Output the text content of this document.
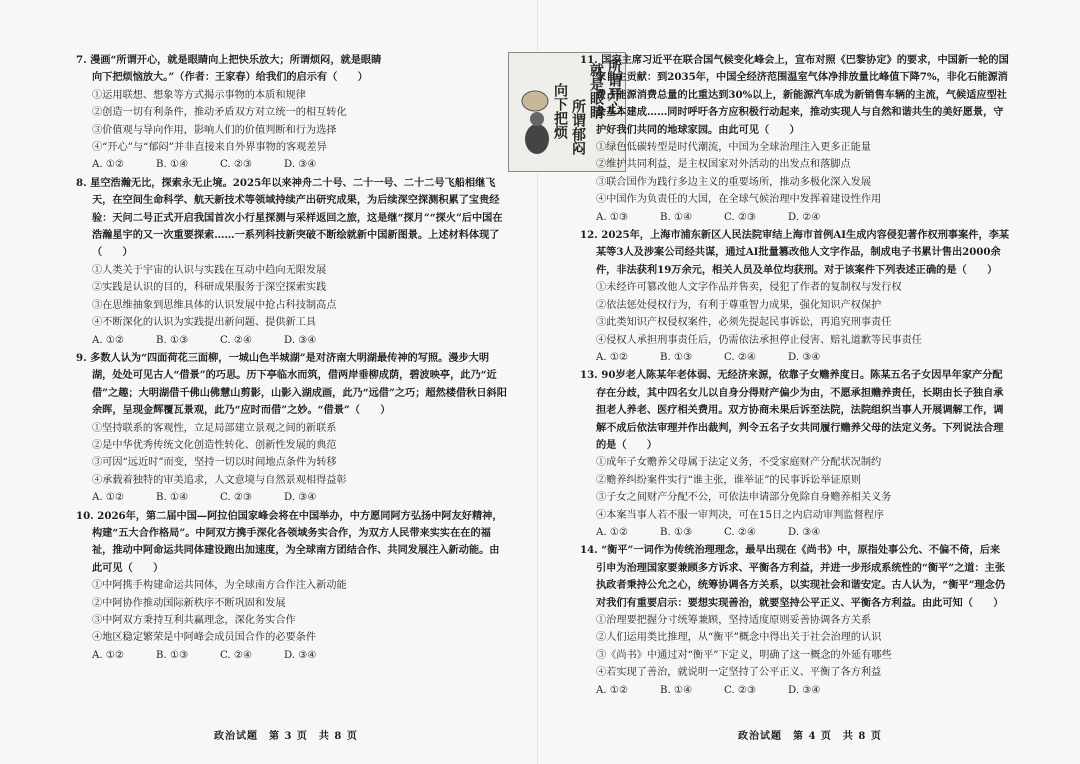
所谓开心
就是眼睛
所谓郁闷
向下把烦
7. 漫画“所谓开心，就是眼睛向上把快乐放大；所谓烦闷，就是眼睛向下把烦恼放大。”（作者：王家春）给我们的启示有（　　）
①运用联想、想象等方式揭示事物的本质和规律
②创造一切有利条件，推动矛盾双方对立统一的相互转化
③价值观与导向作用，影响人们的价值判断和行为选择
④“开心”与“郁闷”并非直接来自外界事物的客观差异
A. ①②	B. ①④	C. ②③	D. ③④
8. 星空浩瀚无比，探索永无止境。2025年以来神舟二十号、二十一号、二十二号飞船相继飞天，在空间生命科学、航天新技术等领域持续产出研究成果，为后续深空探测积累了宝贵经验：天问二号正式开启我国首次小行星探测与采样返回之旅，这是继“探月”“探火”后中国在浩瀚星宇的又一次重要探索……一系列科技新突破不断绘就新中国新图景。上述材料体现了（　　）
①人类关于宇宙的认识与实践在互动中趋向无限发展
②实践是认识的目的，科研成果服务于深空探索实践
③在思维抽象到思维具体的认识发展中抢占科技制高点
④不断深化的认识为实践提出新问题、提供新工具
A. ①②	B. ①③	C. ②④	D. ③④
9. 多数人认为“四面荷花三面柳，一城山色半城湖”是对济南大明湖最传神的写照。漫步大明湖，处处可见古人“借景”的巧思。历下亭临水而筑，借两岸垂柳成荫，碧波映亭，此乃“近借”之趣；大明湖借千佛山佛慧山剪影，山影入湖成画，此乃“远借”之巧；超然楼借秋日斜阳余晖，呈现金辉覆瓦景观，此乃“应时而借”之妙。“借景”（　　）
①坚持联系的客观性，立足局部建立景观之间的新联系
②是中华优秀传统文化创造性转化、创新性发展的典范
③可因“远近时”而变，坚持一切以时间地点条件为转移
④承载着独特的审美追求，人文意境与自然景观相得益彰
A. ①②	B. ①④	C. ②③	D. ③④
10. 2026年，第二届中国—阿拉伯国家峰会将在中国举办，中方愿同阿方弘扬中阿友好精神，构建“五大合作格局”。中阿双方携手深化各领域务实合作，为双方人民带来实实在在的福祉，推动中阿命运共同体建设跑出加速度，为全球南方团结合作、共同发展注入新动能。由此可见（　　）
①中阿携手构建命运共同体，为全球南方合作注入新动能
②中阿协作推动国际新秩序不断巩固和发展
③中阿双方秉持互利共赢理念，深化务实合作
④地区稳定繁荣是中阿峰会成员国合作的必要条件
A. ①②	B. ①③	C. ②④	D. ③④
政治试题　第 3 页　共 8 页
11. 国家主席习近平在联合国气候变化峰会上，宣布对照《巴黎协定》的要求，中国新一轮的国家自主贡献：到2035年，中国全经济范围温室气体净排放量比峰值下降7%，非化石能源消费占能源消费总量的比重达到30%以上，新能源汽车成为新销售车辆的主流，气候适应型社会基本建成……同时呼吁各方应积极行动起来，推动实现人与自然和谐共生的美好愿景，守护好我们共同的地球家园。由此可见（　　）
①绿色低碳转型是时代潮流，中国为全球治理注入更多正能量
②维护共同利益，是主权国家对外活动的出发点和落脚点
③联合国作为践行多边主义的重要场所，推动多极化深入发展
④中国作为负责任的大国，在全球气候治理中发挥着建设性作用
A. ①③	B. ①④	C. ②③	D. ②④
12. 2025年，上海市浦东新区人民法院审结上海市首例AI生成内容侵犯著作权刑事案件，李某某等3人及涉案公司经共谋，通过AI批量篡改他人文字作品，制成电子书累计售出2000余件，非法获利19万余元，相关人员及单位均获刑。对于该案件下列表述正确的是（　　）
①未经许可篡改他人文字作品并售卖，侵犯了作者的复制权与发行权
②依法惩处侵权行为，有利于尊重智力成果，强化知识产权保护
③此类知识产权侵权案件，必须先提起民事诉讼，再追究刑事责任
④侵权人承担刑事责任后，仍需依法承担停止侵害、赔礼道歉等民事责任
A. ①②	B. ①③	C. ②④	D. ③④
13. 90岁老人陈某年老体弱、无经济来源，依靠子女赡养度日。陈某五名子女因早年家产分配存在分歧，其中四名女儿以自身分得财产偏少为由，不愿承担赡养责任，长期由长子独自承担老人养老、医疗相关费用。双方协商未果后诉至法院，法院组织当事人开展调解工作，调解不成后依法审理并作出裁判，判令五名子女共同履行赡养父母的法定义务。下列说法合理的是（　　）
①成年子女赡养父母属于法定义务，不受家庭财产分配状况制约
②赡养纠纷案件实行“谁主张，谁举证”的民事诉讼举证原则
③子女之间财产分配不公，可依法申请部分免除自身赡养相关义务
④本案当事人若不服一审判决，可在15日之内启动审判监督程序
A. ①②	B. ①③	C. ②④	D. ③④
14. “衡平”一词作为传统治理理念，最早出现在《尚书》中，原指处事公允、不偏不倚，后来引申为治理国家要兼顾多方诉求、平衡各方利益，并进一步形成系统性的“衡平”之道：主张执政者秉持公允之心，统筹协调各方关系，以实现社会和谐安定。古人认为，“衡平”理念仍对我们有重要启示：要想实现善治，就要坚持公平正义、平衡各方利益。由此可知（　　）
①治理要把握分寸统筹兼顾，坚持适度原则妥善协调各方关系
②人们运用类比推理，从“衡平”概念中得出关于社会治理的认识
③《尚书》中通过对“衡平”下定义，明确了这一概念的外延有哪些
④若实现了善治，就说明一定坚持了公平正义、平衡了各方利益
A. ①②	B. ①④	C. ②③	D. ③④
政治试题　第 4 页　共 8 页
